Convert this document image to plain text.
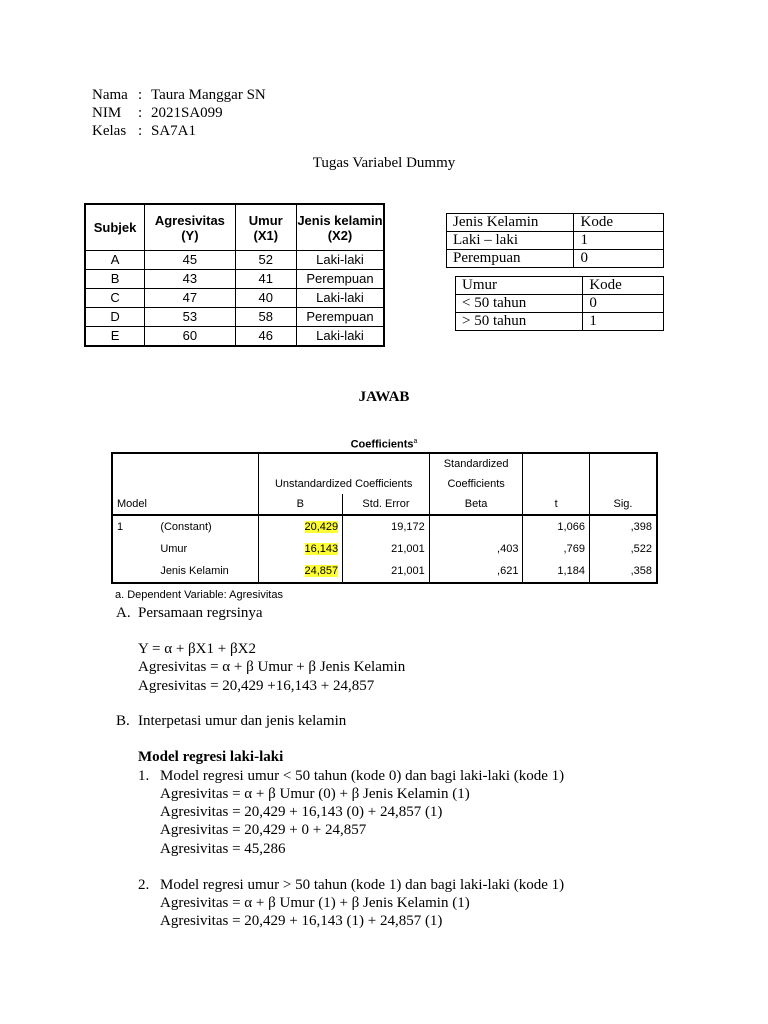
Nama : Taura Manggar SN
NIM : 2021SA099
Kelas : SA7A1
Tugas Variabel Dummy
Subjek	Agresivitas (Y)	Umur (X1)	Jenis kelamin (X2)
A	45	52	Laki-laki
B	43	41	Perempuan
C	47	40	Laki-laki
D	53	58	Perempuan
E	60	46	Laki-laki
Jenis Kelamin	Kode
Laki – laki	1
Perempuan	0
Umur	Kode
< 50 tahun	0
> 50 tahun	1
JAWAB
Coefficients$^a$
				Standardized		
		Unstandardized Coefficients		Coefficients		
Model		B	Std. Error	Beta	t	Sig.
1	(Constant)	20,429	19,172		1,066	,398
	Umur	16,143	21,001	,403	,769	,522
	Jenis Kelamin	24,857	21,001	,621	1,184	,358
a. Dependent Variable: Agresivitas
A. Persamaan regrsinya
Y = α + βX1 + βX2
Agresivitas = α + β Umur + β Jenis Kelamin
Agresivitas = 20,429 +16,143 + 24,857
B. Interpetasi umur dan jenis kelamin
Model regresi laki-laki
1. Model regresi umur < 50 tahun (kode 0) dan bagi laki-laki (kode 1)
Agresivitas = α + β Umur (0) + β Jenis Kelamin (1)
Agresivitas = 20,429 + 16,143 (0) + 24,857 (1)
Agresivitas = 20,429 + 0 + 24,857
Agresivitas = 45,286
2. Model regresi umur > 50 tahun (kode 1) dan bagi laki-laki (kode 1)
Agresivitas = α + β Umur (1) + β Jenis Kelamin (1)
Agresivitas = 20,429 + 16,143 (1) + 24,857 (1)
